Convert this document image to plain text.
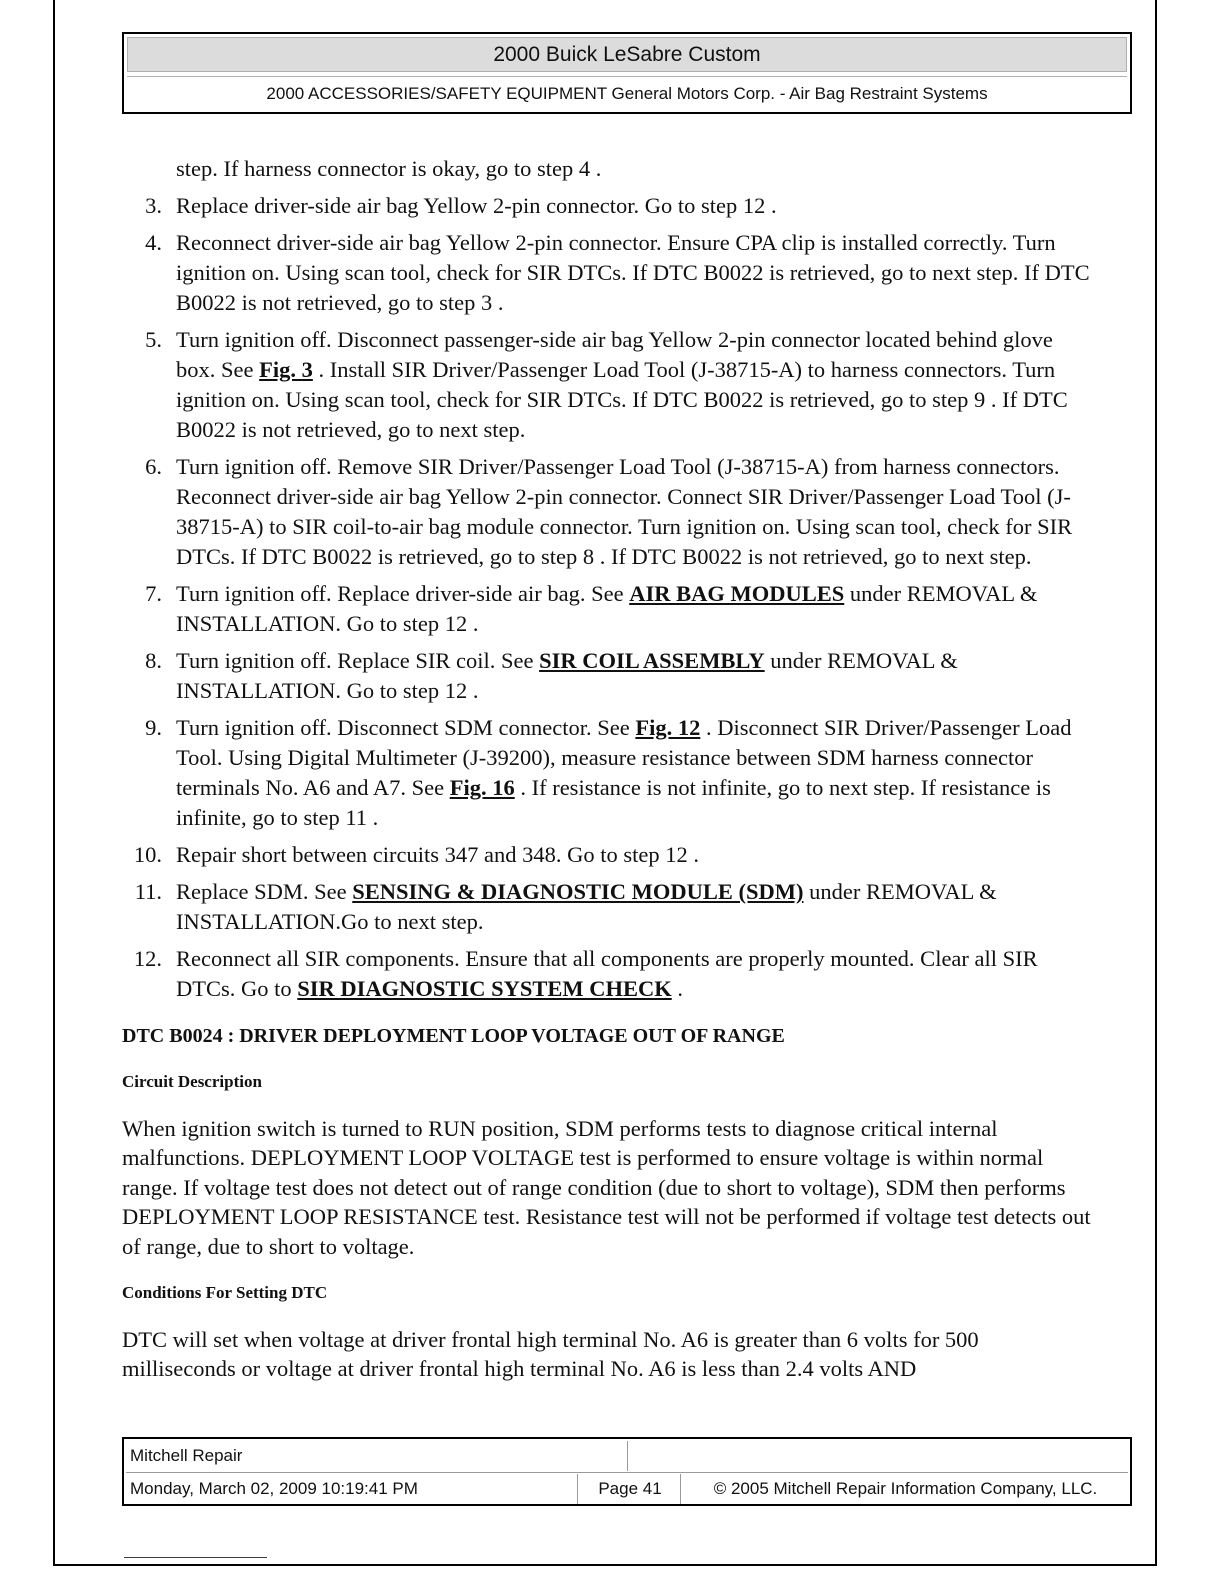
2000 Buick LeSabre Custom
2000 ACCESSORIES/SAFETY EQUIPMENT General Motors Corp. - Air Bag Restraint Systems
step. If harness connector is okay, go to step 4 .
3. Replace driver-side air bag Yellow 2-pin connector. Go to step 12 .
4. Reconnect driver-side air bag Yellow 2-pin connector. Ensure CPA clip is installed correctly. Turn ignition on. Using scan tool, check for SIR DTCs. If DTC B0022 is retrieved, go to next step. If DTC B0022 is not retrieved, go to step 3 .
5. Turn ignition off. Disconnect passenger-side air bag Yellow 2-pin connector located behind glove box. See Fig. 3 . Install SIR Driver/Passenger Load Tool (J-38715-A) to harness connectors. Turn ignition on. Using scan tool, check for SIR DTCs. If DTC B0022 is retrieved, go to step 9 . If DTC B0022 is not retrieved, go to next step.
6. Turn ignition off. Remove SIR Driver/Passenger Load Tool (J-38715-A) from harness connectors. Reconnect driver-side air bag Yellow 2-pin connector. Connect SIR Driver/Passenger Load Tool (J-38715-A) to SIR coil-to-air bag module connector. Turn ignition on. Using scan tool, check for SIR DTCs. If DTC B0022 is retrieved, go to step 8 . If DTC B0022 is not retrieved, go to next step.
7. Turn ignition off. Replace driver-side air bag. See AIR BAG MODULES under REMOVAL & INSTALLATION. Go to step 12 .
8. Turn ignition off. Replace SIR coil. See SIR COIL ASSEMBLY under REMOVAL & INSTALLATION. Go to step 12 .
9. Turn ignition off. Disconnect SDM connector. See Fig. 12 . Disconnect SIR Driver/Passenger Load Tool. Using Digital Multimeter (J-39200), measure resistance between SDM harness connector terminals No. A6 and A7. See Fig. 16 . If resistance is not infinite, go to next step. If resistance is infinite, go to step 11 .
10. Repair short between circuits 347 and 348. Go to step 12 .
11. Replace SDM. See SENSING & DIAGNOSTIC MODULE (SDM) under REMOVAL & INSTALLATION.Go to next step.
12. Reconnect all SIR components. Ensure that all components are properly mounted. Clear all SIR DTCs. Go to SIR DIAGNOSTIC SYSTEM CHECK .
DTC B0024 : DRIVER DEPLOYMENT LOOP VOLTAGE OUT OF RANGE
Circuit Description
When ignition switch is turned to RUN position, SDM performs tests to diagnose critical internal malfunctions. DEPLOYMENT LOOP VOLTAGE test is performed to ensure voltage is within normal range. If voltage test does not detect out of range condition (due to short to voltage), SDM then performs DEPLOYMENT LOOP RESISTANCE test. Resistance test will not be performed if voltage test detects out of range, due to short to voltage.
Conditions For Setting DTC
DTC will set when voltage at driver frontal high terminal No. A6 is greater than 6 volts for 500 milliseconds or voltage at driver frontal high terminal No. A6 is less than 2.4 volts AND
Mitchell Repair
Monday, March 02, 2009 10:19:41 PM	Page 41	© 2005 Mitchell Repair Information Company, LLC.
